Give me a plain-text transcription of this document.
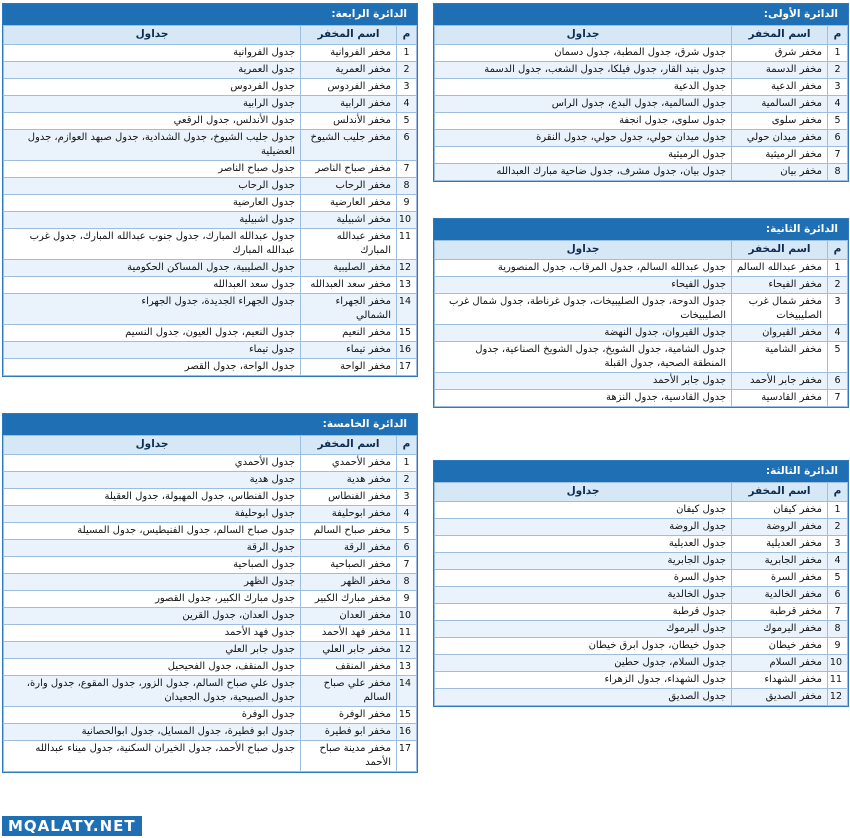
الدائرة الأولى:
م	اسم المخفر	جداول
1	مخفر شرق	جدول شرق، جدول المطبة، جدول دسمان
2	مخفر الدسمة	جدول بنيد القار، جدول فيلكا، جدول الشعب، جدول الدسمة
3	مخفر الدعية	جدول الدعية
4	مخفر السالمية	جدول السالمية، جدول البدع، جدول الراس
5	مخفر سلوى	جدول سلوى، جدول انجفة
6	مخفر ميدان حولي	جدول ميدان حولي، جدول حولي، جدول النقرة
7	مخفر الرميثية	جدول الرميثية
8	مخفر بيان	جدول بيان، جدول مشرف، جدول ضاحية مبارك العبدالله
الدائرة الثانية:
م	اسم المخفر	جداول
1	مخفر عبدالله السالم	جدول عبدالله السالم، جدول المرقاب، جدول المنصورية
2	مخفر الفيحاء	جدول الفيحاء
3	مخفر شمال غرب الصليبيخات	جدول الدوحة، جدول الصليبيخات، جدول غرناطة، جدول شمال غرب الصليبيخات
4	مخفر القيروان	جدول القيروان، جدول النهضة
5	مخفر الشامية	جدول الشامية، جدول الشويخ، جدول الشويخ الصناعية، جدول المنطقة الصحية، جدول القبلة
6	مخفر جابر الأحمد	جدول جابر الأحمد
7	مخفر القادسية	جدول القادسية، جدول النزهة
الدائرة الثالثة:
م	اسم المخفر	جداول
1	مخفر كيفان	جدول كيفان
2	مخفر الروضة	جدول الروضة
3	مخفر العديلية	جدول العديلية
4	مخفر الجابرية	جدول الجابرية
5	مخفر السرة	جدول السرة
6	مخفر الخالدية	جدول الخالدية
7	مخفر قرطبة	جدول قرطبة
8	مخفر اليرموك	جدول اليرموك
9	مخفر خيطان	جدول خيطان، جدول ابرق خيطان
10	مخفر السلام	جدول السلام، جدول حطين
11	مخفر الشهداء	جدول الشهداء، جدول الزهراء
12	مخفر الصديق	جدول الصديق
الدائرة الرابعة:
م	اسم المخفر	جداول
1	مخفر الفروانية	جدول الفروانية
2	مخفر العمرية	جدول العمرية
3	مخفر الفردوس	جدول الفردوس
4	مخفر الرابية	جدول الرابية
5	مخفر الأندلس	جدول الأندلس، جدول الرقعي
6	مخفر جليب الشيوخ	جدول جليب الشيوخ، جدول الشدادية، جدول صبهد العوازم، جدول العضيلية
7	مخفر صباح الناصر	جدول صباح الناصر
8	مخفر الرحاب	جدول الرحاب
9	مخفر العارضية	جدول العارضية
10	مخفر اشبيلية	جدول اشبيلية
11	مخفر عبدالله المبارك	جدول عبدالله المبارك، جدول جنوب عبدالله المبارك، جدول غرب عبدالله المبارك
12	مخفر الصليبية	جدول الصليبية، جدول المساكن الحكومية
13	مخفر سعد العبدالله	جدول سعد العبدالله
14	مخفر الجهراء الشمالي	جدول الجهراء الجديدة، جدول الجهراء
15	مخفر النعيم	جدول النعيم، جدول العيون، جدول النسيم
16	مخفر تيماء	جدول تيماء
17	مخفر الواحة	جدول الواحة، جدول القصر
الدائرة الخامسة:
م	اسم المخفر	جداول
1	مخفر الأحمدي	جدول الأحمدي
2	مخفر هدية	جدول هدية
3	مخفر الفنطاس	جدول الفنطاس، جدول المهبولة، جدول العقيلة
4	مخفر ابوحليفة	جدول ابوحليفة
5	مخفر صباح السالم	جدول صباح السالم، جدول الفنيطيس، جدول المسيلة
6	مخفر الرقة	جدول الرقة
7	مخفر الصباحية	جدول الصباحية
8	مخفر الظهر	جدول الظهر
9	مخفر مبارك الكبير	جدول مبارك الكبير، جدول القصور
10	مخفر العدان	جدول العدان، جدول القرين
11	مخفر فهد الأحمد	جدول فهد الأحمد
12	مخفر جابر العلي	جدول جابر العلي
13	مخفر المنقف	جدول المنقف، جدول الفحيحيل
14	مخفر علي صباح السالم	جدول علي صباح السالم، جدول الزور، جدول المقوع، جدول وارة، جدول الصبيحية، جدول الجعيدان
15	مخفر الوفرة	جدول الوفرة
16	مخفر ابو فطيرة	جدول ابو فطيرة، جدول المسايل، جدول ابوالحصانية
17	مخفر مدينة صباح الأحمد	جدول صباح الأحمد، جدول الخيران السكنية، جدول ميناء عبدالله
MQALATY.NET
